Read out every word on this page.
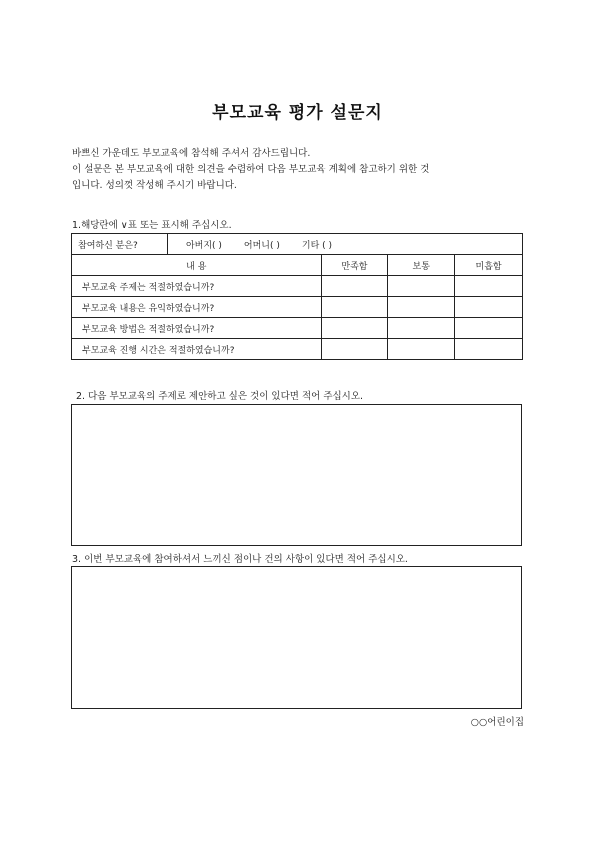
부모교육 평가 설문지
바쁘신 가운데도 부모교육에 참석해 주셔서 감사드립니다.
이 설문은 본 부모교육에 대한 의견을 수렴하여 다음 부모교육 계획에 참고하기 위한 것
입니다. 성의껏 작성해 주시기 바랍니다.
1.해당란에 ∨표 또는 표시해 주십시오.
참여하신 분은?	아버지( ) 어머니( ) 기타 ( )			

내 용		만족함	보통	미흡함
부모교육 주제는 적절하였습니까?				
부모교육 내용은 유익하였습니까?				
부모교육 방법은 적절하였습니까?				
부모교육 진행 시간은 적절하였습니까?				
2. 다음 부모교육의 주제로 제안하고 싶은 것이 있다면 적어 주십시오.
3. 이번 부모교육에 참여하셔서 느끼신 점이나 건의 사항이 있다면 적어 주십시오.
○○어린이집
